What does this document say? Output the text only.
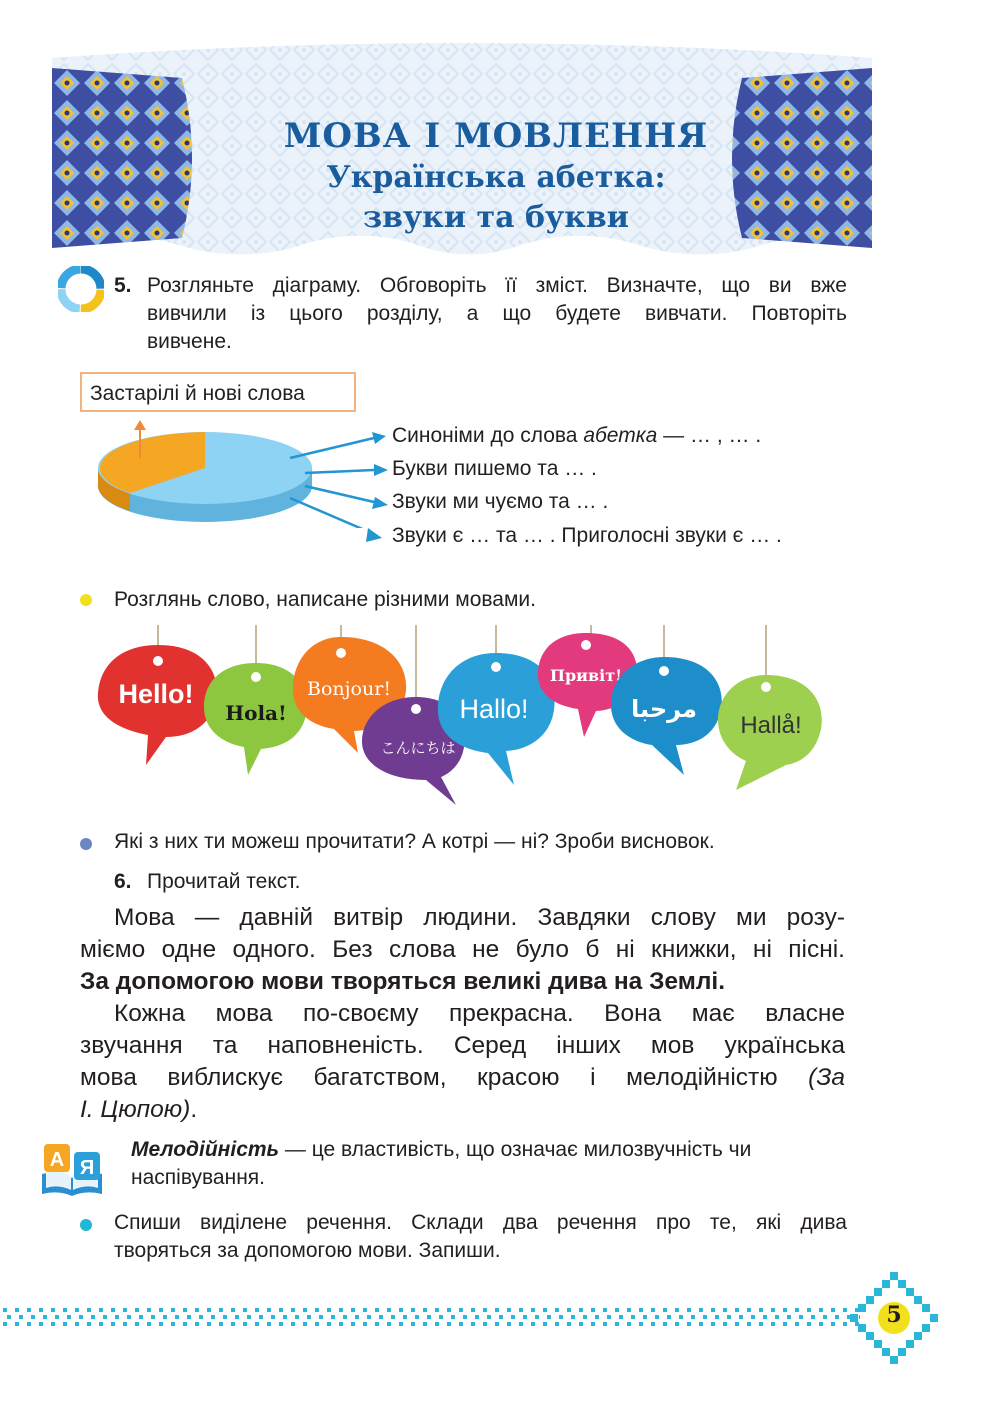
МОВА І МОВЛЕННЯ
Українська абетка:
звуки та букви
5. Розгляньте діаграму. Обговоріть її зміст. Визначте, що ви вже
вивчили із цього розділу, а що будете вивчати. Повторіть
вивчене.
Застарілі й нові слова
Синоніми до слова абетка — … , … .
Букви пишемо та … .
Звуки ми чуємо та … .
Звуки є … та … . Приголосні звуки є … .
Розглянь слово, написане різними мовами.
Hello!
Hola!
Bonjour!
こんにちは
Hallo!
Привіт!
مرحبا
Hallå!
Які з них ти можеш прочитати? А котрі — ні? Зроби висновок.
6. Прочитай текст.
Мова — давній витвір людини. Завдяки слову ми розу-
міємо одне одного. Без слова не було б ні книжки, ні пісні.
За допомогою мови творяться великі дива на Землі.
Кожна мова по-своєму прекрасна. Вона має власне
звучання та наповненість. Серед інших мов українська
мова виблискує багатством, красою і мелодійністю (За
І. Цюпою).
А Я
Мелодійність — це властивість, що означає милозвучність чи
наспівування.
Спиши виділене речення. Склади два речення про те, які дива
творяться за допомогою мови. Запиши.
5
